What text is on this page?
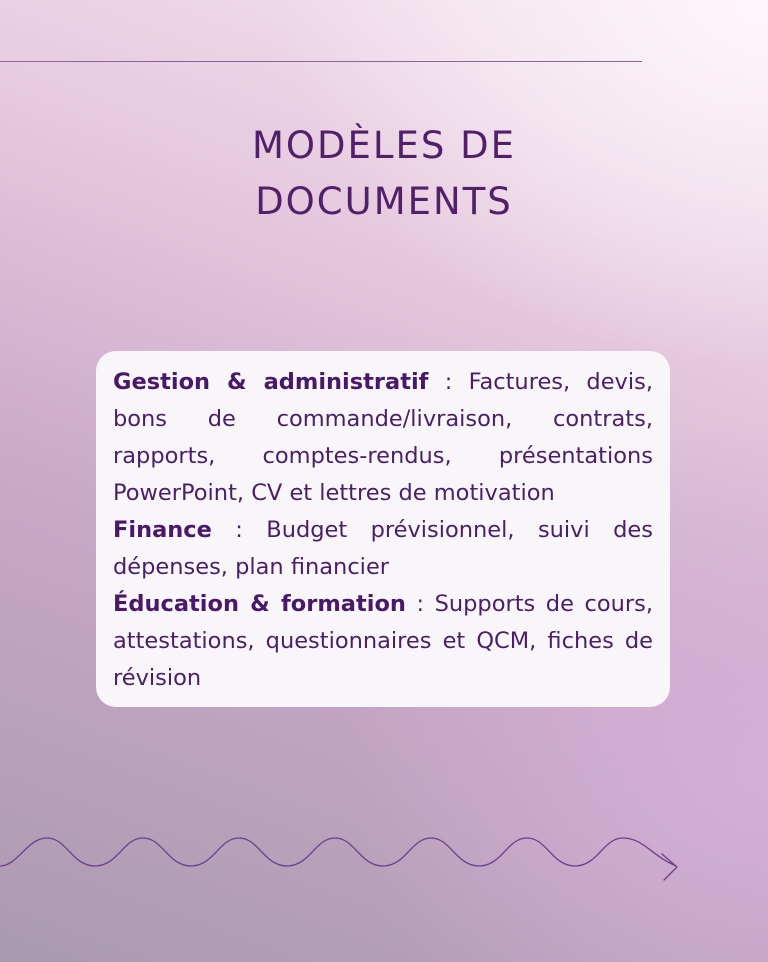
MODÈLES DE
DOCUMENTS

Gestion & administratif : Factures, devis, bons de commande/livraison, contrats, rapports, comptes-rendus, présentations PowerPoint, CV et lettres de motivation

Finance : Budget prévisionnel, suivi des dépenses, plan financier

Éducation & formation : Supports de cours, attestations, questionnaires et QCM, fiches de révision
